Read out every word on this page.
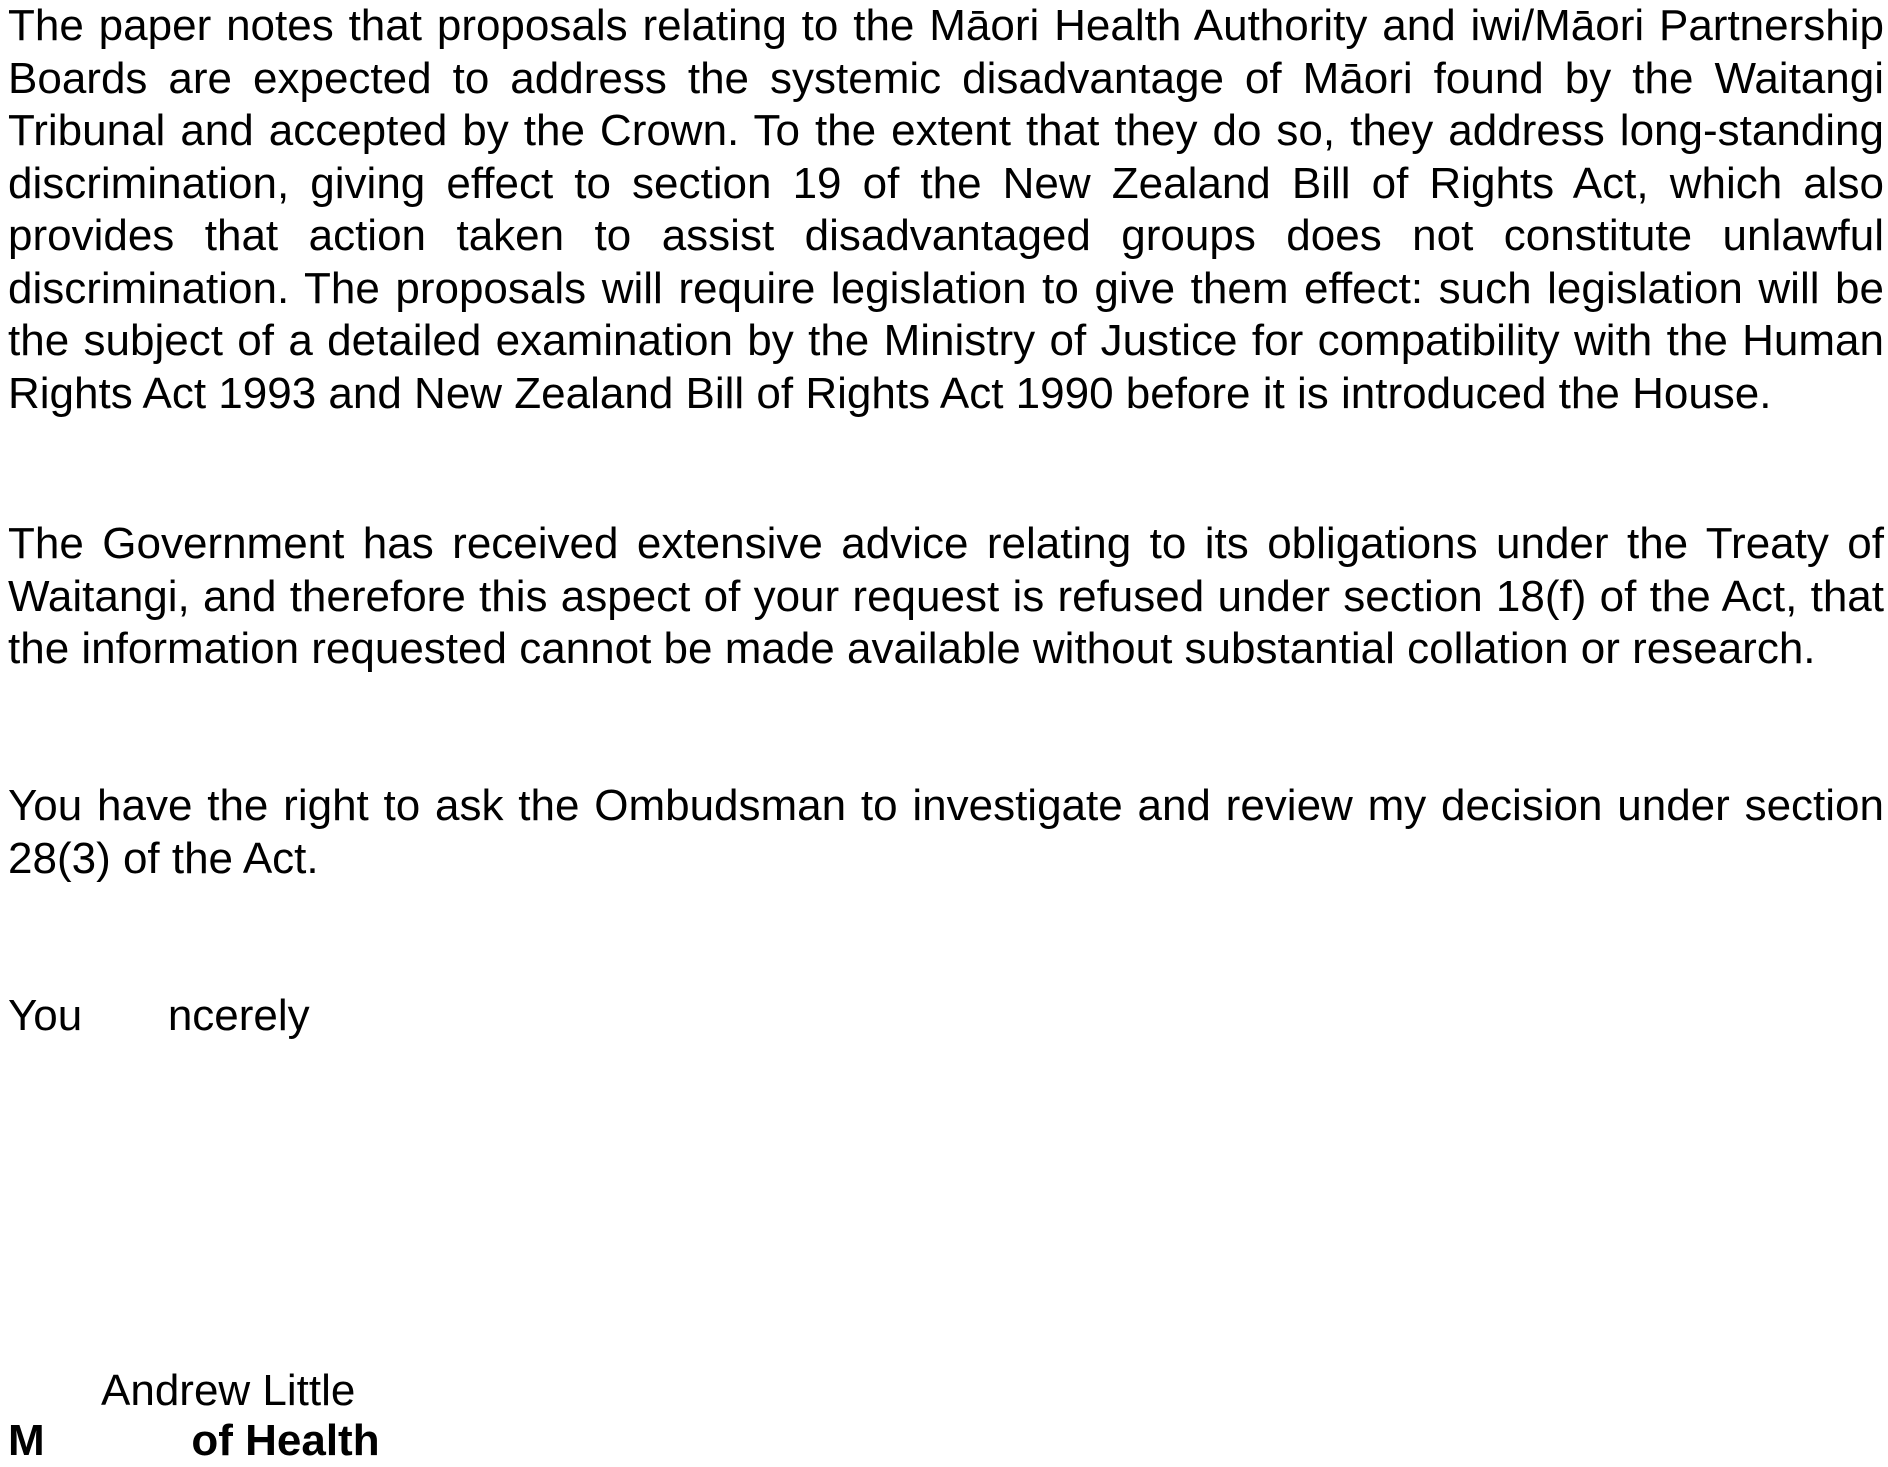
The paper notes that proposals relating to the Māori Health Authority and iwi/Māori Partnership Boards are expected to address the systemic disadvantage of Māori found by the Waitangi Tribunal and accepted by the Crown. To the extent that they do so, they address long-standing discrimination, giving effect to section 19 of the New Zealand Bill of Rights Act, which also provides that action taken to assist disadvantaged groups does not constitute unlawful discrimination. The proposals will require legislation to give them effect: such legislation will be the subject of a detailed examination by the Ministry of Justice for compatibility with the Human Rights Act 1993 and New Zealand Bill of Rights Act 1990 before it is introduced the House.

The Government has received extensive advice relating to its obligations under the Treaty of Waitangi, and therefore this aspect of your request is refused under section 18(f) of the Act, that the information requested cannot be made available without substantial collation or research.

You have the right to ask the Ombudsman to investigate and review my decision under section 28(3) of the Act.

You       ncerely
Andrew Little
M            of Health
